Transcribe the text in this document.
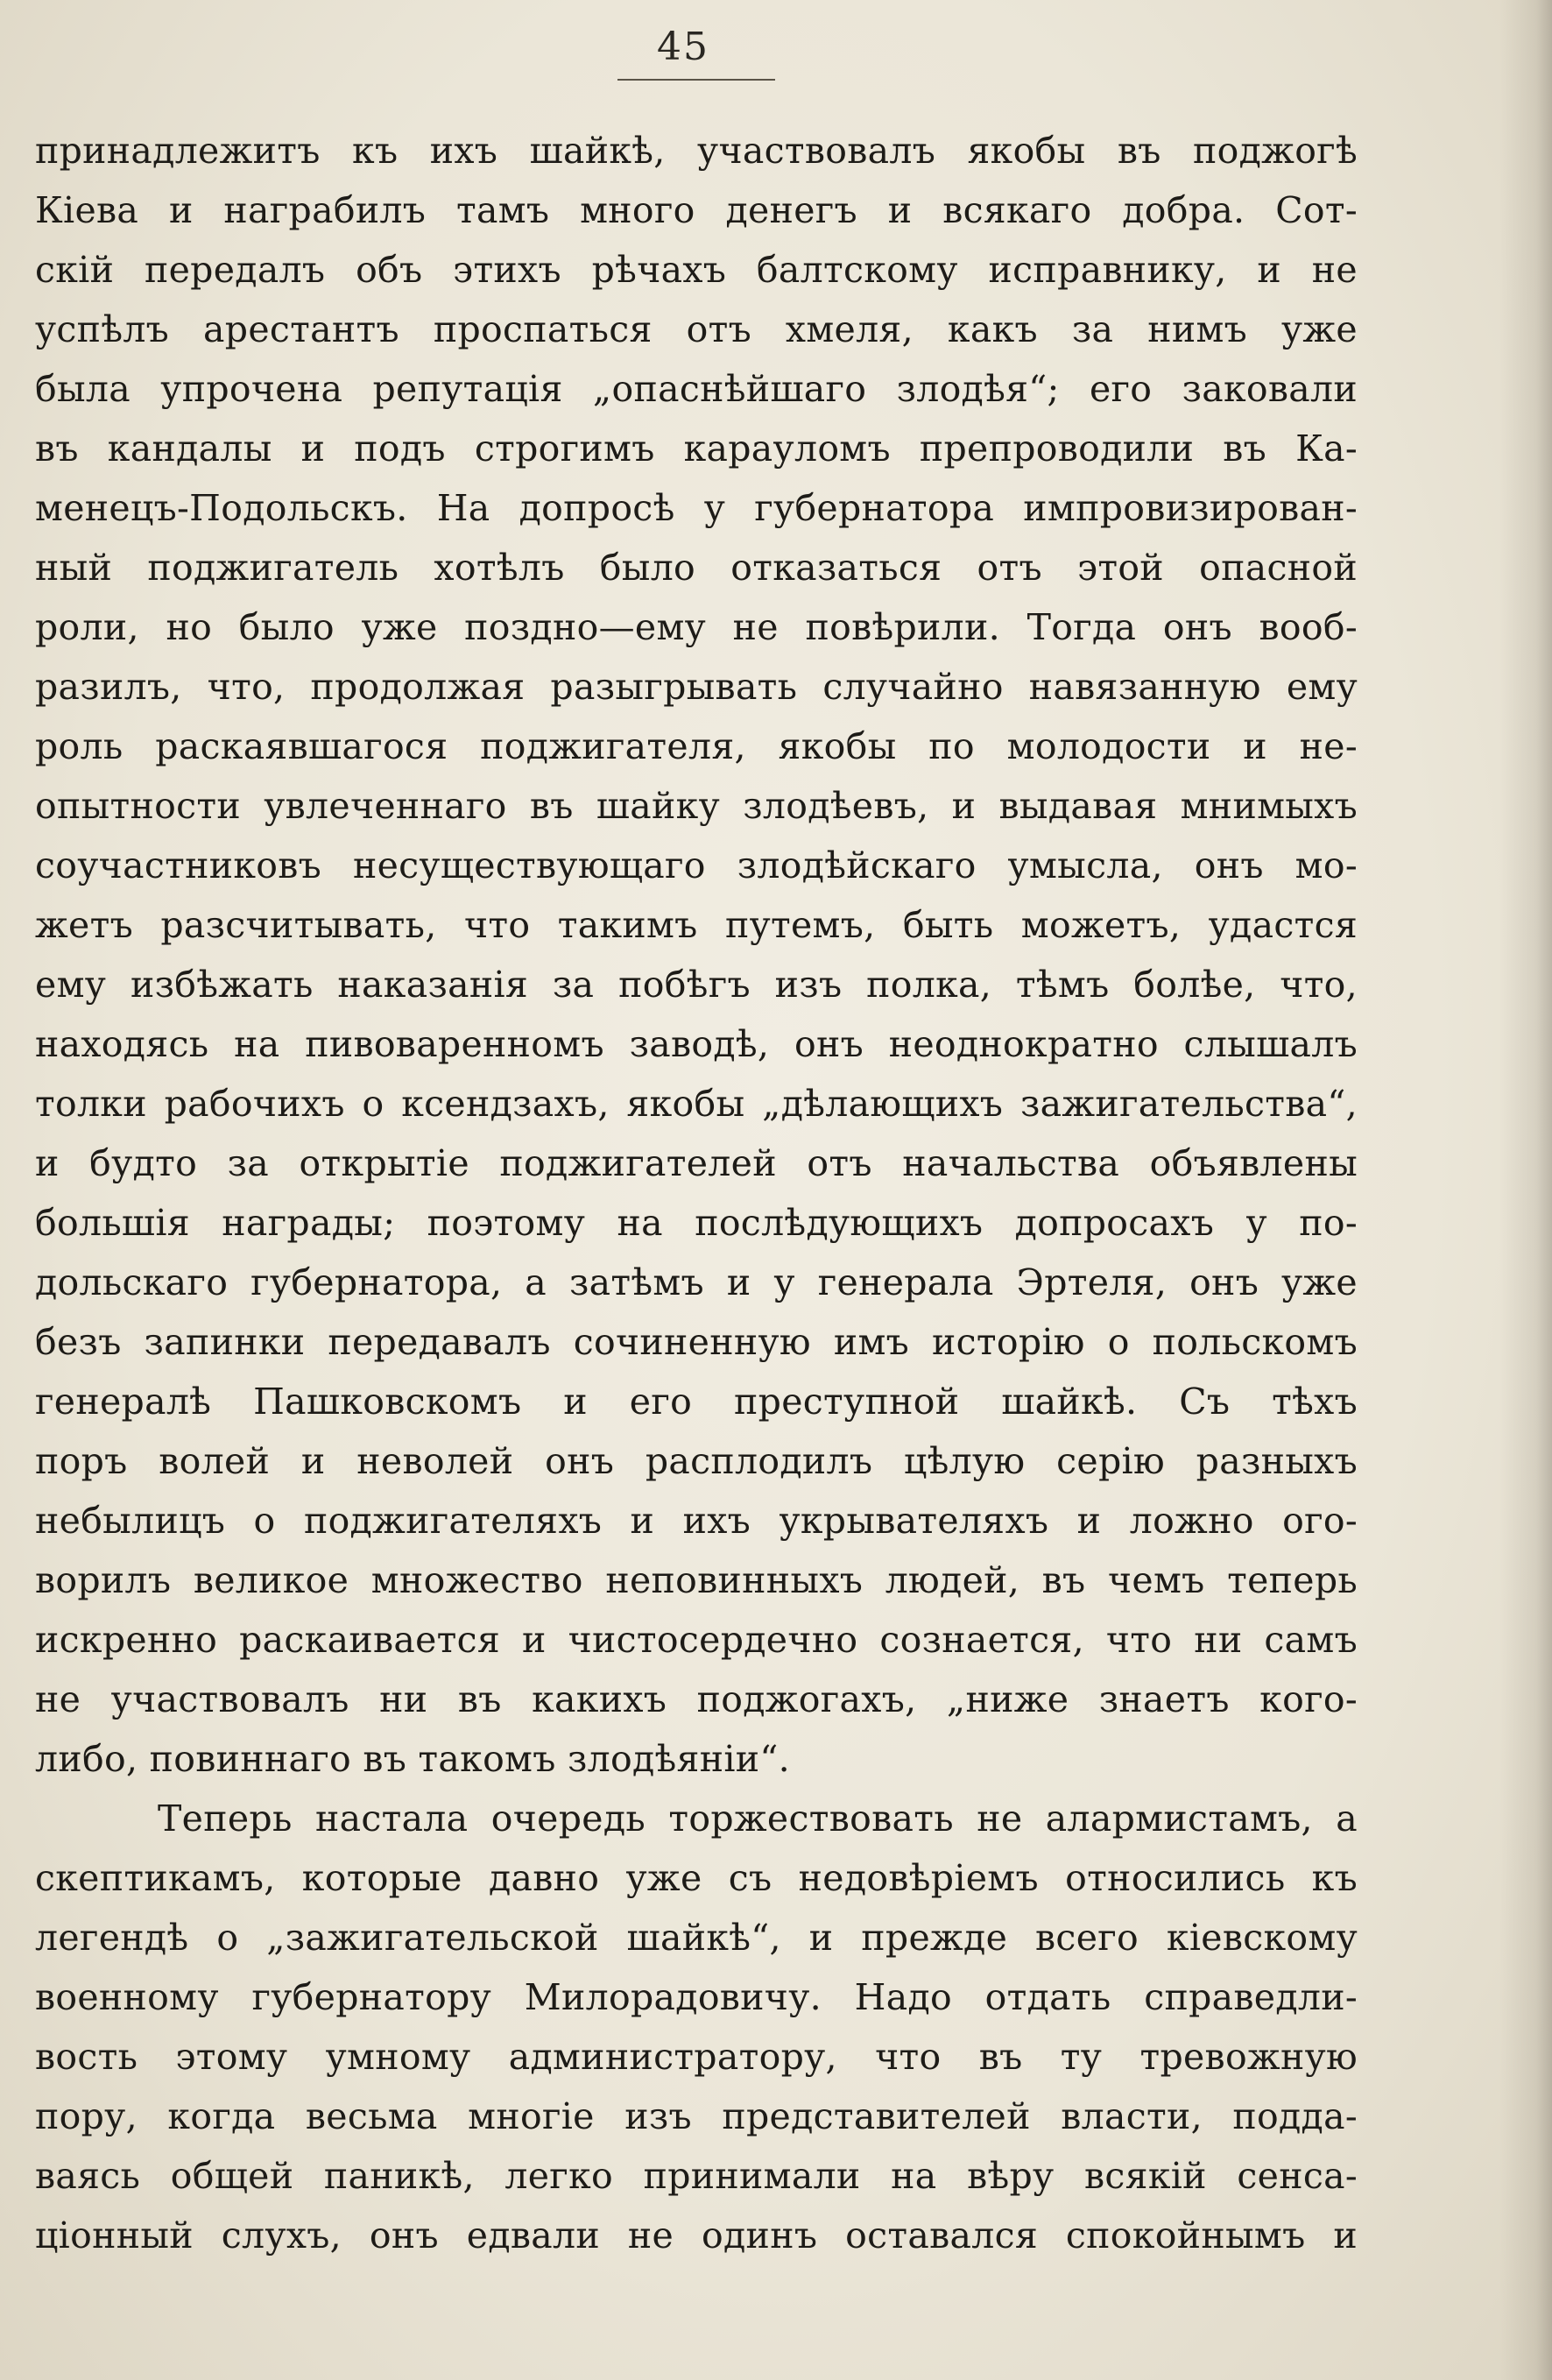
45
принадлежитъ къ ихъ шайкѣ, участвовалъ якобы въ поджогѣ
Кіева и награбилъ тамъ много денегъ и всякаго добра. Сот-
скій передалъ объ этихъ рѣчахъ балтскому исправнику, и не
успѣлъ арестантъ проспаться отъ хмеля, какъ за нимъ уже
была упрочена репутація „опаснѣйшаго злодѣя“; его заковали
въ кандалы и подъ строгимъ карауломъ препроводили въ Ка-
менецъ-Подольскъ. На допросѣ у губернатора импровизирован-
ный поджигатель хотѣлъ было отказаться отъ этой опасной
роли, но было уже поздно—ему не повѣрили. Тогда онъ вооб-
разилъ, что, продолжая разыгрывать случайно навязанную ему
роль раскаявшагося поджигателя, якобы по молодости и не-
опытности увлеченнаго въ шайку злодѣевъ, и выдавая мнимыхъ
соучастниковъ несуществующаго злодѣйскаго умысла, онъ мо-
жетъ разсчитывать, что такимъ путемъ, быть можетъ, удастся
ему избѣжать наказанія за побѣгъ изъ полка, тѣмъ болѣе, что,
находясь на пивоваренномъ заводѣ, онъ неоднократно слышалъ
толки рабочихъ о ксендзахъ, якобы „дѣлающихъ зажигательства“,
и будто за открытіе поджигателей отъ начальства объявлены
большія награды; поэтому на послѣдующихъ допросахъ у по-
дольскаго губернатора, а затѣмъ и у генерала Эртеля, онъ уже
безъ запинки передавалъ сочиненную имъ исторію о польскомъ
генералѣ Пашковскомъ и его преступной шайкѣ. Съ тѣхъ
поръ волей и неволей онъ расплодилъ цѣлую серію разныхъ
небылицъ о поджигателяхъ и ихъ укрывателяхъ и ложно ого-
ворилъ великое множество неповинныхъ людей, въ чемъ теперь
искренно раскаивается и чистосердечно сознается, что ни самъ
не участвовалъ ни въ какихъ поджогахъ, „ниже знаетъ кого-
либо, повиннаго въ такомъ злодѣяніи“.
Теперь настала очередь торжествовать не алармистамъ, а
скептикамъ, которые давно уже съ недовѣріемъ относились къ
легендѣ о „зажигательской шайкѣ“, и прежде всего кіевскому
военному губернатору Милорадовичу. Надо отдать справедли-
вость этому умному администратору, что въ ту тревожную
пору, когда весьма многіе изъ представителей власти, подда-
ваясь общей паникѣ, легко принимали на вѣру всякій сенса-
ціонный слухъ, онъ едвали не одинъ оставался спокойнымъ и
